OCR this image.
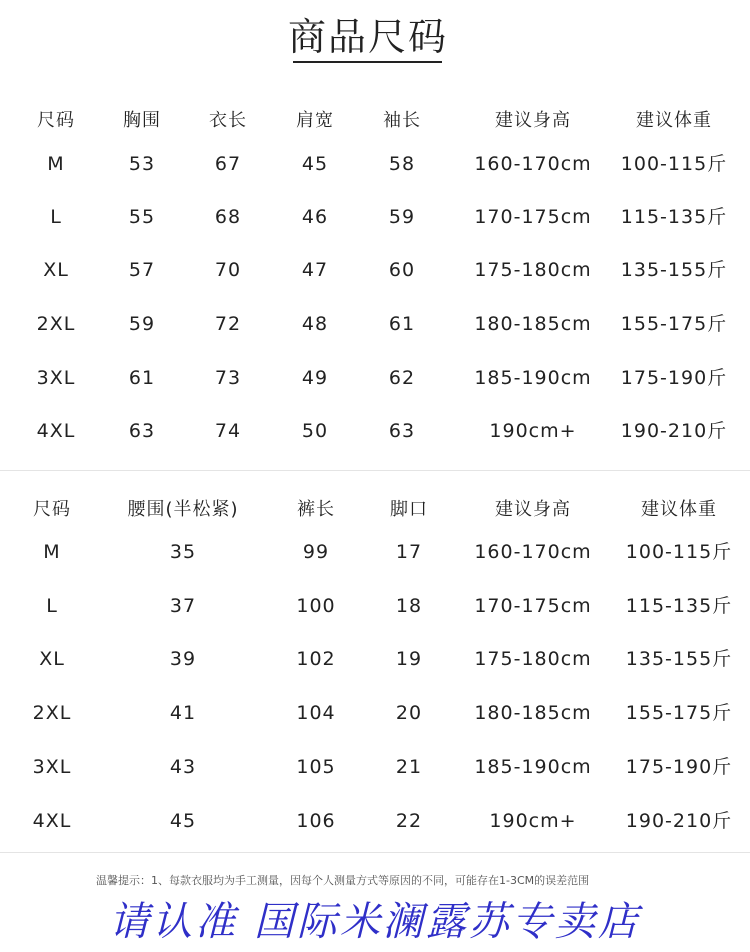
商品尺码
尺码	胸围	衣长	肩宽	袖长	建议身高	建议体重
M	53	67	45	58	160-170cm	100-115斤
L	55	68	46	59	170-175cm	115-135斤
XL	57	70	47	60	175-180cm	135-155斤
2XL	59	72	48	61	180-185cm	155-175斤
3XL	61	73	49	62	185-190cm	175-190斤
4XL	63	74	50	63	190cm+	190-210斤
尺码	腰围(半松紧)	裤长	脚口	建议身高	建议体重
M	35	99	17	160-170cm	100-115斤
L	37	100	18	170-175cm	115-135斤
XL	39	102	19	175-180cm	135-155斤
2XL	41	104	20	180-185cm	155-175斤
3XL	43	105	21	185-190cm	175-190斤
4XL	45	106	22	190cm+	190-210斤
温馨提示：1、每款衣服均为手工测量，因每个人测量方式等原因的不同，可能存在1-3CM的误差范围
请认准 国际米澜露苏专卖店
